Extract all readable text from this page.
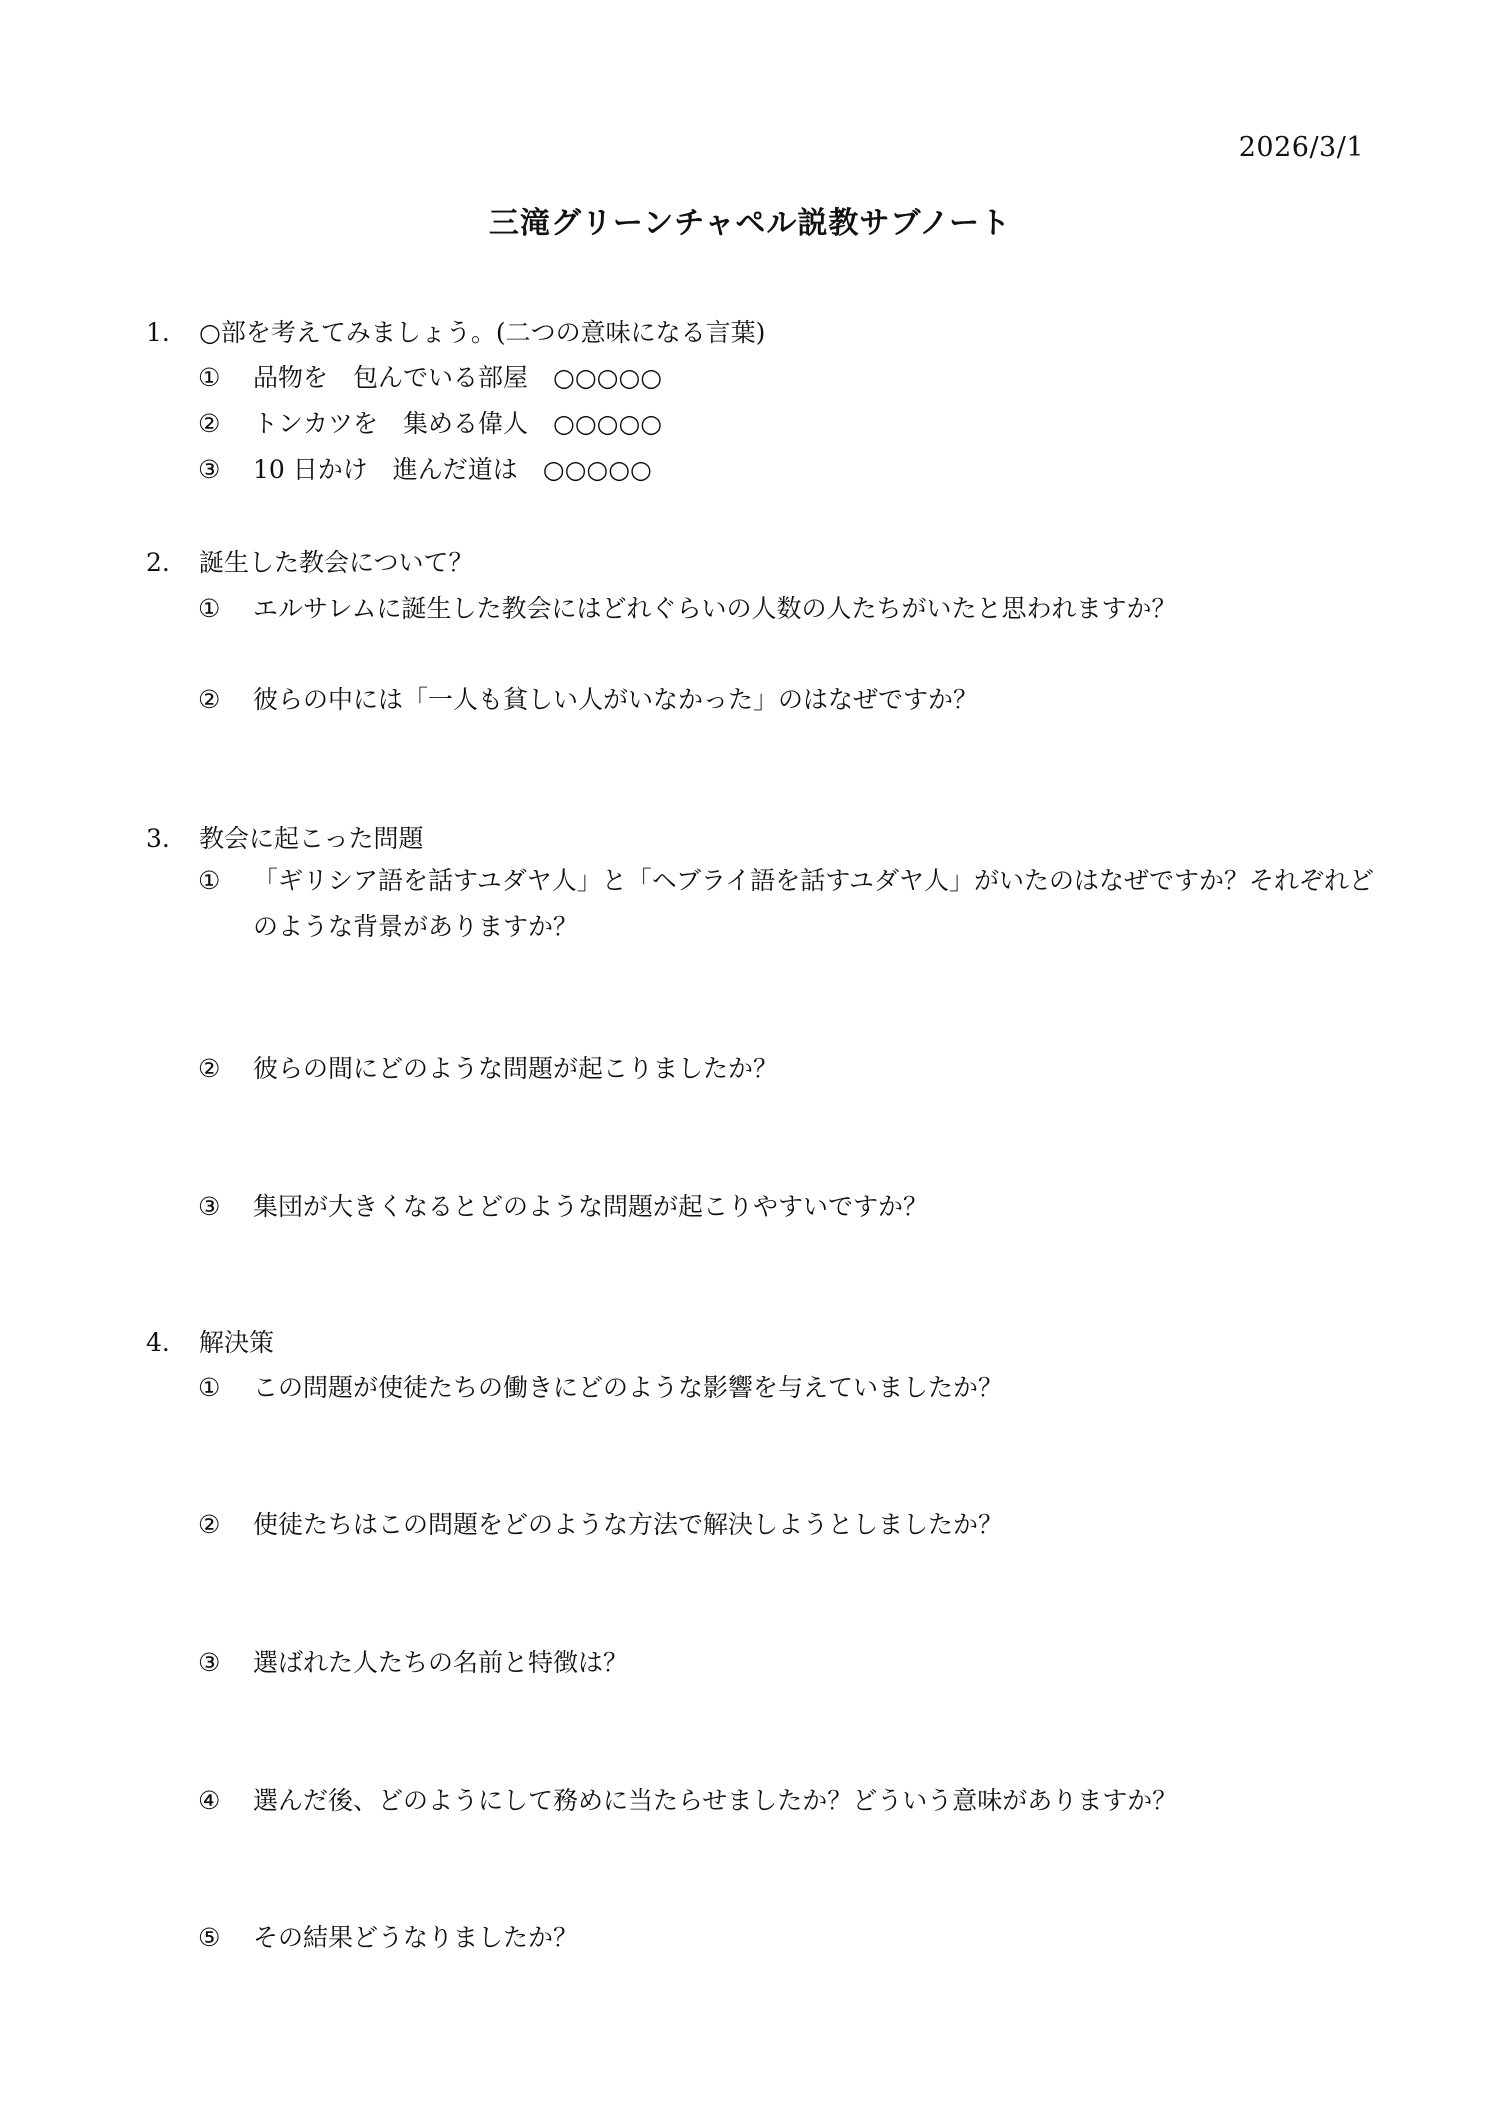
2026/3/1
三滝グリーンチャペル説教サブノート
1. ○部を考えてみましょう。(二つの意味になる言葉)
① 品物を　包んでいる部屋　○○○○○
② トンカツを　集める偉人　○○○○○
③ 10 日かけ　進んだ道は　○○○○○
2. 誕生した教会について？
① エルサレムに誕生した教会にはどれぐらいの人数の人たちがいたと思われますか？
② 彼らの中には「一人も貧しい人がいなかった」のはなぜですか？
3. 教会に起こった問題
① 「ギリシア語を話すユダヤ人」と「ヘブライ語を話すユダヤ人」がいたのはなぜですか？それぞれどのような背景がありますか？
② 彼らの間にどのような問題が起こりましたか？
③ 集団が大きくなるとどのような問題が起こりやすいですか？
4. 解決策
① この問題が使徒たちの働きにどのような影響を与えていましたか？
② 使徒たちはこの問題をどのような方法で解決しようとしましたか？
③ 選ばれた人たちの名前と特徴は？
④ 選んだ後、どのようにして務めに当たらせましたか？どういう意味がありますか？
⑤ その結果どうなりましたか？
